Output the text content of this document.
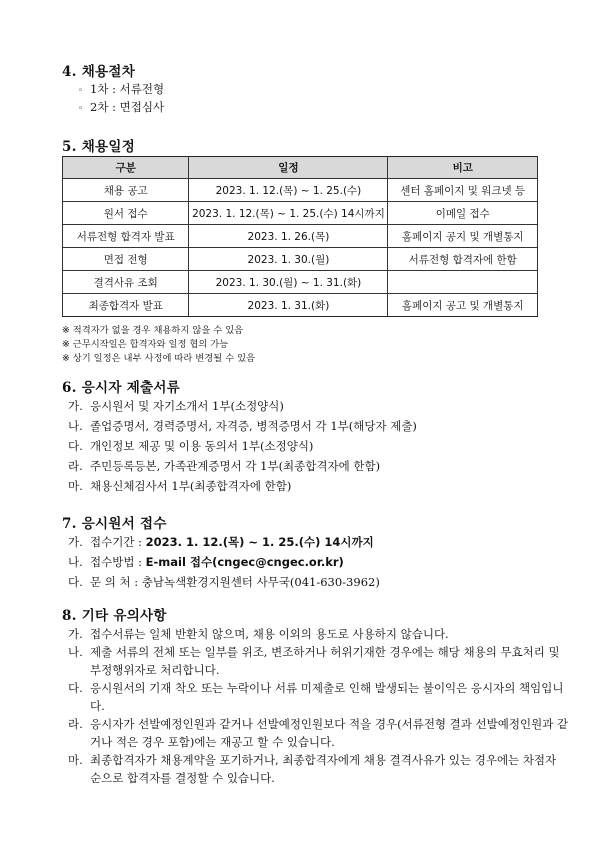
4. 채용절차
◦ 1차 : 서류전형
◦ 2차 : 면접심사
5. 채용일정
구분	일정	비고
채용 공고	2023. 1. 12.(목) ~ 1. 25.(수)	센터 홈페이지 및 워크넷 등
원서 접수	2023. 1. 12.(목) ~ 1. 25.(수) 14시까지	이메일 접수
서류전형 합격자 발표	2023. 1. 26.(목)	홈페이지 공지 및 개별통지
면접 전형	2023. 1. 30.(월)	서류전형 합격자에 한함
결격사유 조회	2023. 1. 30.(월) ~ 1. 31.(화)	
최종합격자 발표	2023. 1. 31.(화)	홈페이지 공고 및 개별통지
※ 적격자가 없을 경우 채용하지 않을 수 있음
※ 근무시작일은 합격자와 일정 협의 가능
※ 상기 일정은 내부 사정에 따라 변경될 수 있음
6. 응시자 제출서류
가. 응시원서 및 자기소개서 1부(소정양식)
나. 졸업증명서, 경력증명서, 자격증, 병적증명서 각 1부(해당자 제출)
다. 개인정보 제공 및 이용 동의서 1부(소정양식)
라. 주민등록등본, 가족관계증명서 각 1부(최종합격자에 한함)
마. 채용신체검사서 1부(최종합격자에 한함)
7. 응시원서 접수
가. 접수기간 : 2023. 1. 12.(목) ~ 1. 25.(수) 14시까지
나. 접수방법 : E-mail 접수(cngec@cngec.or.kr)
다. 문 의 처 : 충남녹색환경지원센터 사무국(041-630-3962)
8. 기타 유의사항
가. 접수서류는 일체 반환치 않으며, 채용 이외의 용도로 사용하지 않습니다.
나. 제출 서류의 전체 또는 일부를 위조, 변조하거나 허위기재한 경우에는 해당 채용의 무효처리 및 부정행위자로 처리합니다.
다. 응시원서의 기재 착오 또는 누락이나 서류 미제출로 인해 발생되는 불이익은 응시자의 책임입니다.
라. 응시자가 선발예정인원과 같거나 선발예정인원보다 적을 경우(서류전형 결과 선발예정인원과 같거나 적은 경우 포함)에는 재공고 할 수 있습니다.
마. 최종합격자가 채용계약을 포기하거나, 최종합격자에게 채용 결격사유가 있는 경우에는 차점자 순으로 합격자를 결정할 수 있습니다.
